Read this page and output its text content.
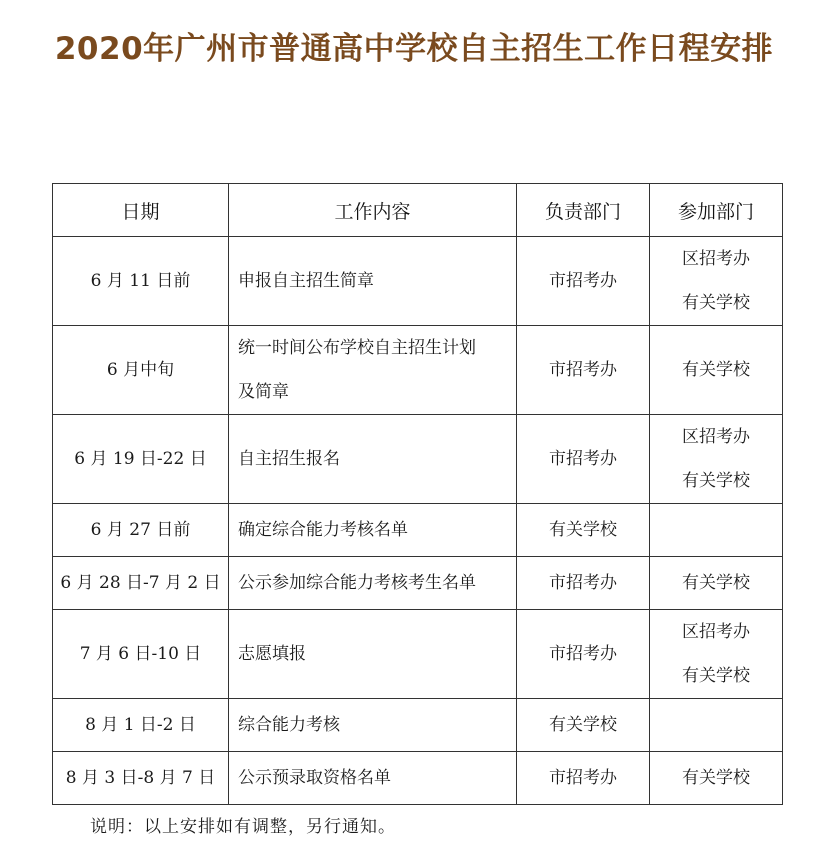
2020年广州市普通高中学校自主招生工作日程安排
日期	工作内容	负责部门	参加部门
6 月 11 日前	申报自主招生简章	市招考办	区招考办
有关学校

6 月中旬	统一时间公布学校自主招生计划
及简章	市招考办	有关学校

6 月 19 日-22 日	自主招生报名	市招考办	区招考办
有关学校

6 月 27 日前	确定综合能力考核名单	有关学校	
6 月 28 日-7 月 2 日	公示参加综合能力考核考生名单	市招考办	有关学校

7 月 6 日-10 日	志愿填报	市招考办	区招考办
有关学校

8 月 1 日-2 日	综合能力考核	有关学校	
8 月 3 日-8 月 7 日	公示预录取资格名单	市招考办	有关学校
说明：以上安排如有调整，另行通知。
